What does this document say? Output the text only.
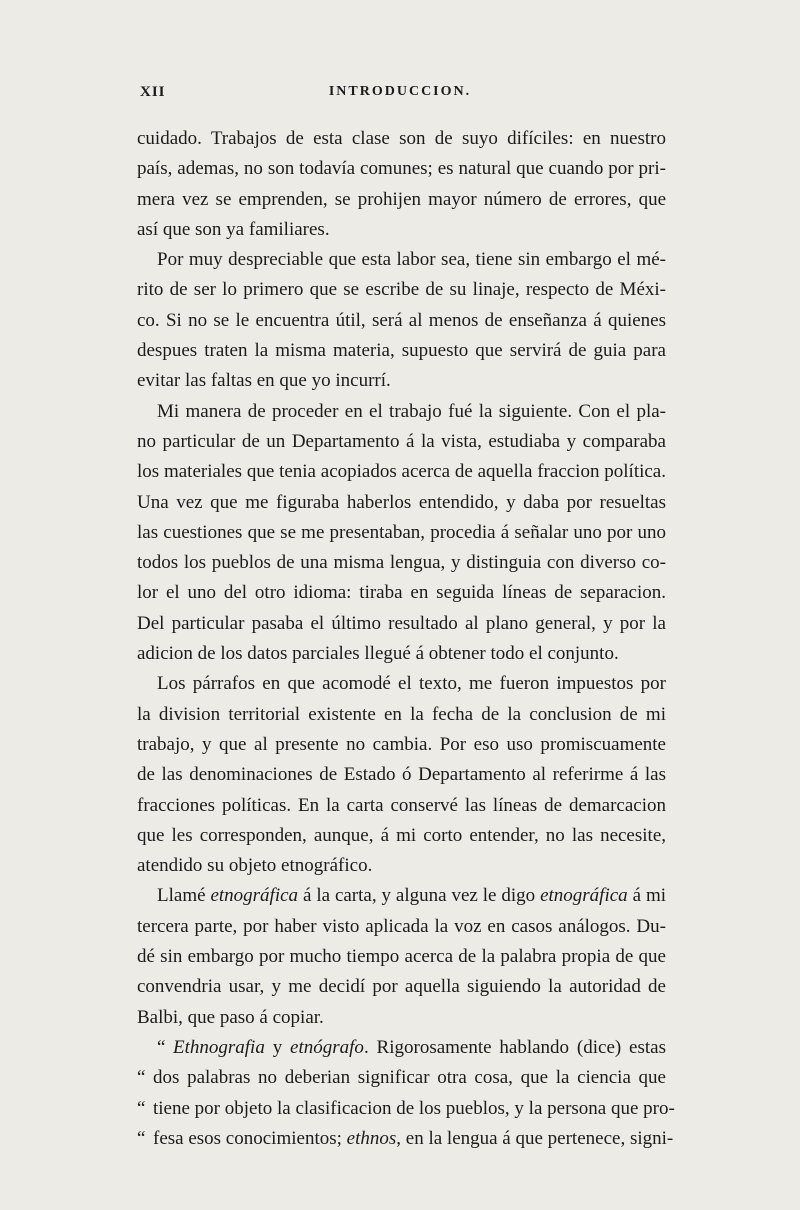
XII	INTRODUCCION.
cuidado. Trabajos de esta clase son de suyo difíciles: en nuestro
país, ademas, no son todavía comunes; es natural que cuando por pri-
mera vez se emprenden, se prohijen mayor número de errores, que
así que son ya familiares.
Por muy despreciable que esta labor sea, tiene sin embargo el mé-
rito de ser lo primero que se escribe de su linaje, respecto de Méxi-
co. Si no se le encuentra útil, será al menos de enseñanza á quienes
despues traten la misma materia, supuesto que servirá de guia para
evitar las faltas en que yo incurrí.
Mi manera de proceder en el trabajo fué la siguiente. Con el pla-
no particular de un Departamento á la vista, estudiaba y comparaba
los materiales que tenia acopiados acerca de aquella fraccion política.
Una vez que me figuraba haberlos entendido, y daba por resueltas
las cuestiones que se me presentaban, procedia á señalar uno por uno
todos los pueblos de una misma lengua, y distinguia con diverso co-
lor el uno del otro idioma: tiraba en seguida líneas de separacion.
Del particular pasaba el último resultado al plano general, y por la
adicion de los datos parciales llegué á obtener todo el conjunto.
Los párrafos en que acomodé el texto, me fueron impuestos por
la division territorial existente en la fecha de la conclusion de mi
trabajo, y que al presente no cambia. Por eso uso promiscuamente
de las denominaciones de Estado ó Departamento al referirme á las
fracciones políticas. En la carta conservé las líneas de demarcacion
que les corresponden, aunque, á mi corto entender, no las necesite,
atendido su objeto etnográfico.
Llamé etnográfica á la carta, y alguna vez le digo etnográfica á mi
tercera parte, por haber visto aplicada la voz en casos análogos. Du-
dé sin embargo por mucho tiempo acerca de la palabra propia de que
convendria usar, y me decidí por aquella siguiendo la autoridad de
Balbi, que paso á copiar.
“ Ethnografia y etnógrafo. Rigorosamente hablando (dice) estas
“ dos palabras no deberian significar otra cosa, que la ciencia que
“ tiene por objeto la clasificacion de los pueblos, y la persona que pro-
“ fesa esos conocimientos; ethnos, en la lengua á que pertenece, signi-
